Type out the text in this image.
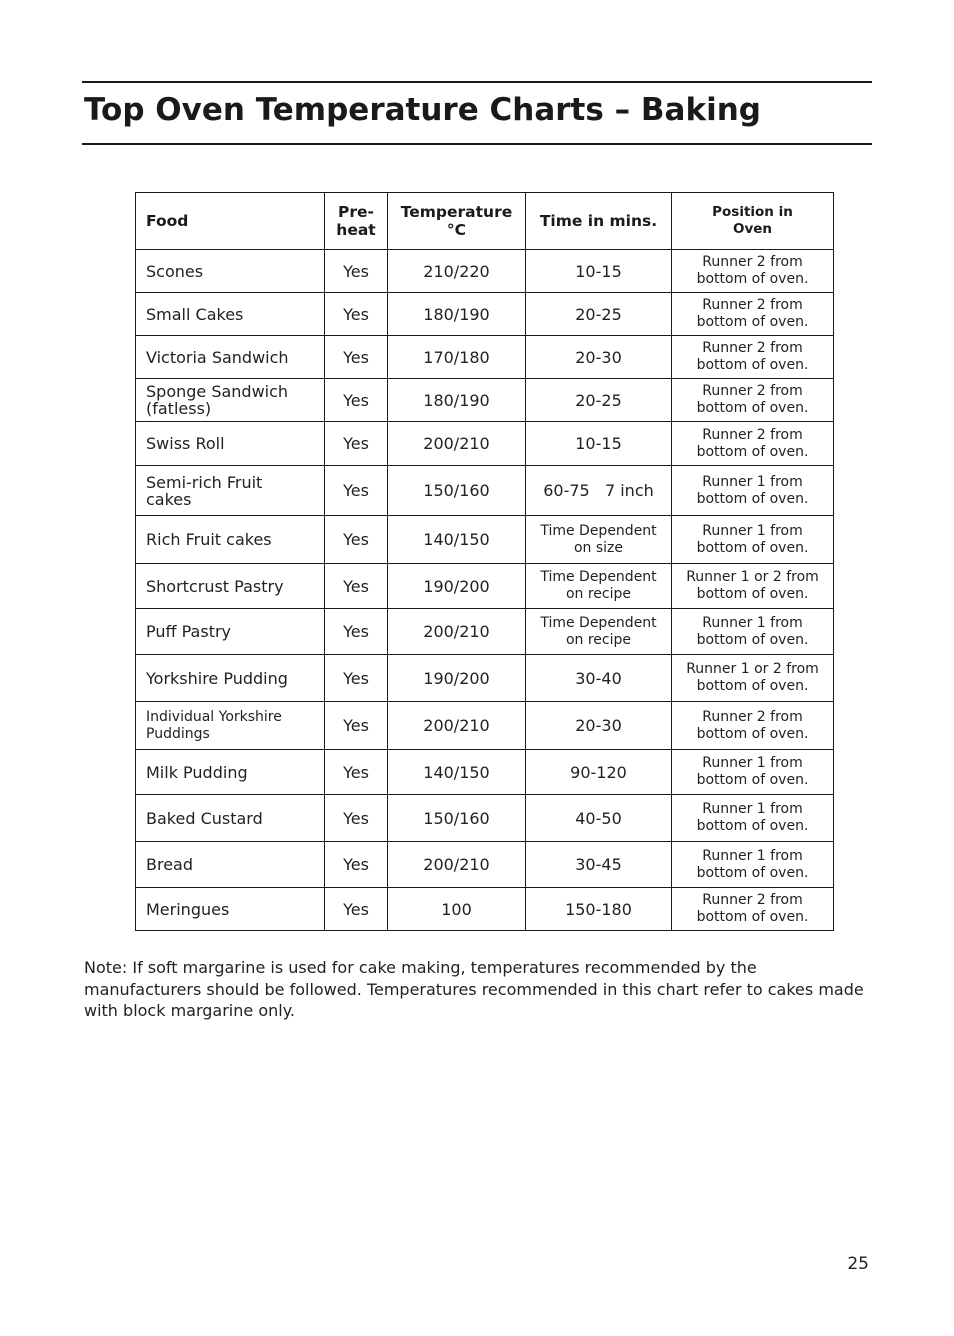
Top Oven Temperature Charts – Baking
Food	Pre-
heat	Temperature
°C	Time in mins.	Position in
Oven
Scones	Yes	210/220	10-15	Runner 2 from
bottom of oven.
Small Cakes	Yes	180/190	20-25	Runner 2 from
bottom of oven.
Victoria Sandwich	Yes	170/180	20-30	Runner 2 from
bottom of oven.
Sponge Sandwich
(fatless)	Yes	180/190	20-25	Runner 2 from
bottom of oven.
Swiss Roll	Yes	200/210	10-15	Runner 2 from
bottom of oven.
Semi-rich Fruit
cakes	Yes	150/160	60-75   7 inch	Runner 1 from
bottom of oven.
Rich Fruit cakes	Yes	140/150	Time Dependent
on size	Runner 1 from
bottom of oven.
Shortcrust Pastry	Yes	190/200	Time Dependent
on recipe	Runner 1 or 2 from
bottom of oven.
Puff Pastry	Yes	200/210	Time Dependent
on recipe	Runner 1 from
bottom of oven.
Yorkshire Pudding	Yes	190/200	30-40	Runner 1 or 2 from
bottom of oven.
Individual Yorkshire
Puddings	Yes	200/210	20-30	Runner 2 from
bottom of oven.
Milk Pudding	Yes	140/150	90-120	Runner 1 from
bottom of oven.
Baked Custard	Yes	150/160	40-50	Runner 1 from
bottom of oven.
Bread	Yes	200/210	30-45	Runner 1 from
bottom of oven.
Meringues	Yes	100	150-180	Runner 2 from
bottom of oven.

Note: If soft margarine is used for cake making, temperatures recommended by the manufacturers should be followed. Temperatures recommended in this chart refer to cakes made with block margarine only.

25
